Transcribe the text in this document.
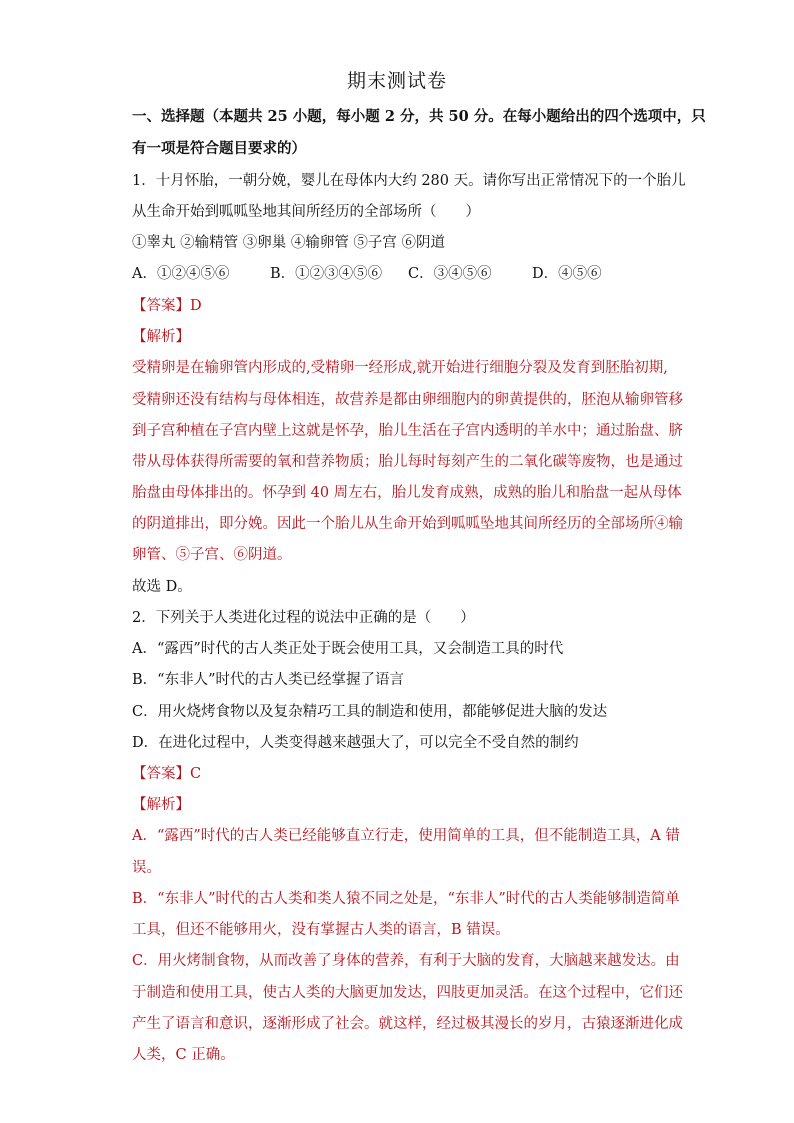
期末测试卷
一、选择题（本题共 25 小题，每小题 2 分，共 50 分。在每小题给出的四个选项中，只
有一项是符合题目要求的）
1．十月怀胎，一朝分娩，婴儿在母体内大约 280 天。请你写出正常情况下的一个胎儿
从生命开始到呱呱坠地其间所经历的全部场所（　　）
①睾丸 ②输精管 ③卵巢 ④输卵管 ⑤子宫 ⑥阴道
A．①②④⑤⑥	B．①②③④⑤⑥ C．③④⑤⑥	D．④⑤⑥
【答案】D
【解析】
受精卵是在输卵管内形成的,受精卵一经形成,就开始进行细胞分裂及发育到胚胎初期,
受精卵还没有结构与母体相连，故营养是都由卵细胞内的卵黄提供的，胚泡从输卵管移
到子宫种植在子宫内壁上这就是怀孕，胎儿生活在子宫内透明的羊水中；通过胎盘、脐
带从母体获得所需要的氧和营养物质；胎儿每时每刻产生的二氧化碳等废物，也是通过
胎盘由母体排出的。怀孕到 40 周左右，胎儿发育成熟，成熟的胎儿和胎盘一起从母体
的阴道排出，即分娩。因此一个胎儿从生命开始到呱呱坠地其间所经历的全部场所④输
卵管、⑤子宫、⑥阴道。
故选 D。
2．下列关于人类进化过程的说法中正确的是（　　）
A．“露西”时代的古人类正处于既会使用工具，又会制造工具的时代
B．“东非人”时代的古人类已经掌握了语言
C．用火烧烤食物以及复杂精巧工具的制造和使用，都能够促进大脑的发达
D．在进化过程中，人类变得越来越强大了，可以完全不受自然的制约
【答案】C
【解析】
A．“露西”时代的古人类已经能够直立行走，使用简单的工具，但不能制造工具，A 错
误。
B．“东非人”时代的古人类和类人猿不同之处是，“东非人”时代的古人类能够制造简单
工具，但还不能够用火，没有掌握古人类的语言，B 错误。
C．用火烤制食物，从而改善了身体的营养，有利于大脑的发育，大脑越来越发达。由
于制造和使用工具，使古人类的大脑更加发达，四肢更加灵活。在这个过程中，它们还
产生了语言和意识，逐渐形成了社会。就这样，经过极其漫长的岁月，古猿逐渐进化成
人类，C 正确。
